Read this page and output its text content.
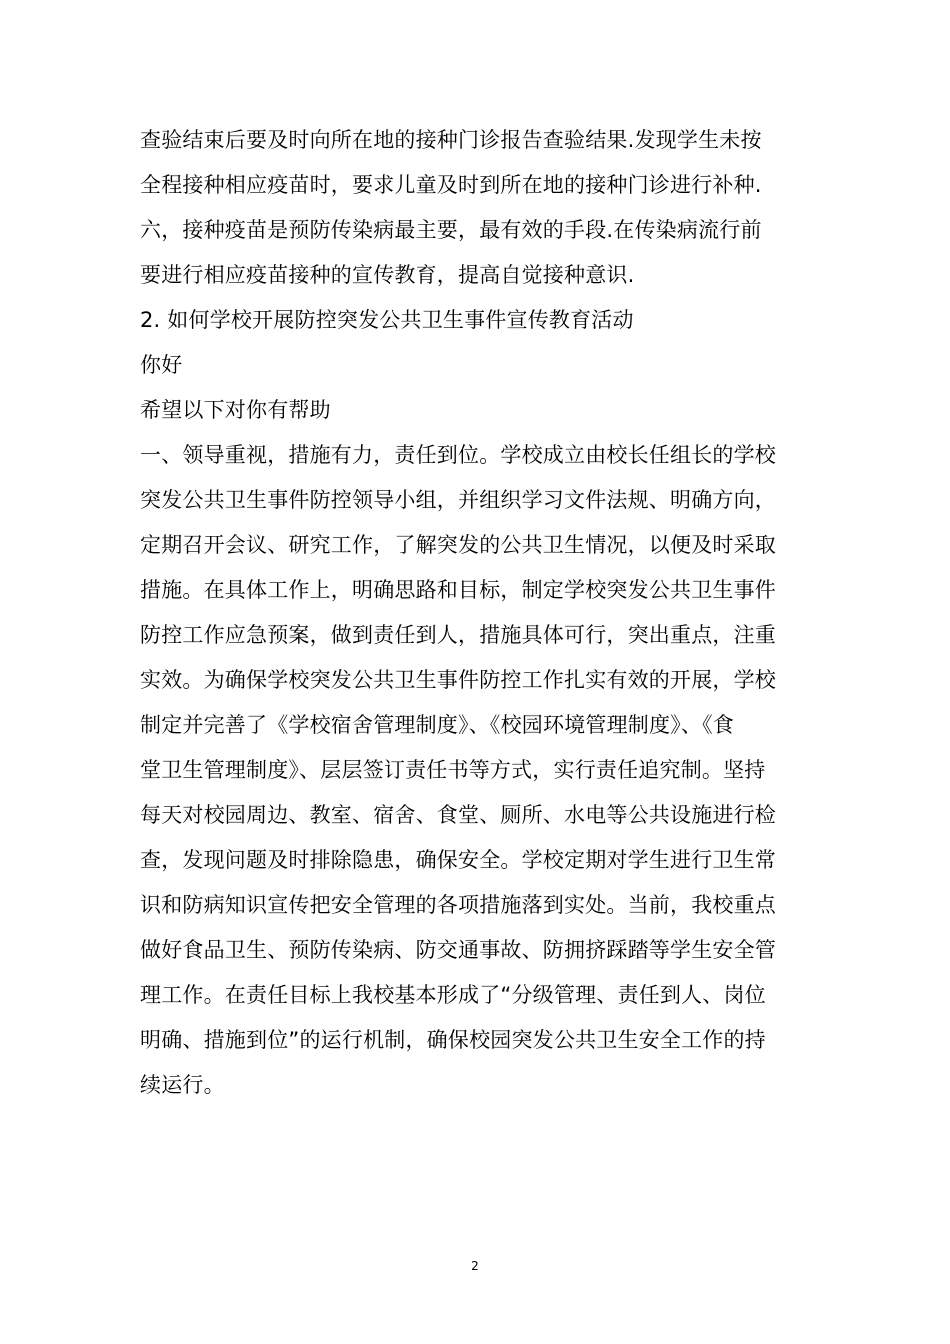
查验结束后要及时向所在地的接种门诊报告查验结果.发现学生未按
全程接种相应疫苗时，要求儿童及时到所在地的接种门诊进行补种.
六，接种疫苗是预防传染病最主要，最有效的手段.在传染病流行前
要进行相应疫苗接种的宣传教育，提高自觉接种意识.
2. 如何学校开展防控突发公共卫生事件宣传教育活动
你好
希望以下对你有帮助
一、领导重视，措施有力，责任到位。学校成立由校长任组长的学校
突发公共卫生事件防控领导小组，并组织学习文件法规、明确方向，
定期召开会议、研究工作，了解突发的公共卫生情况，以便及时采取
措施。在具体工作上，明确思路和目标，制定学校突发公共卫生事件
防控工作应急预案，做到责任到人，措施具体可行，突出重点，注重
实效。为确保学校突发公共卫生事件防控工作扎实有效的开展，学校
制定并完善了《学校宿舍管理制度》、《校园环境管理制度》、《食
堂卫生管理制度》、层层签订责任书等方式，实行责任追究制。坚持
每天对校园周边、教室、宿舍、食堂、厕所、水电等公共设施进行检
查，发现问题及时排除隐患，确保安全。学校定期对学生进行卫生常
识和防病知识宣传把安全管理的各项措施落到实处。当前，我校重点
做好食品卫生、预防传染病、防交通事故、防拥挤踩踏等学生安全管
理工作。在责任目标上我校基本形成了“分级管理、责任到人、岗位
明确、措施到位”的运行机制，确保校园突发公共卫生安全工作的持
续运行。
2
